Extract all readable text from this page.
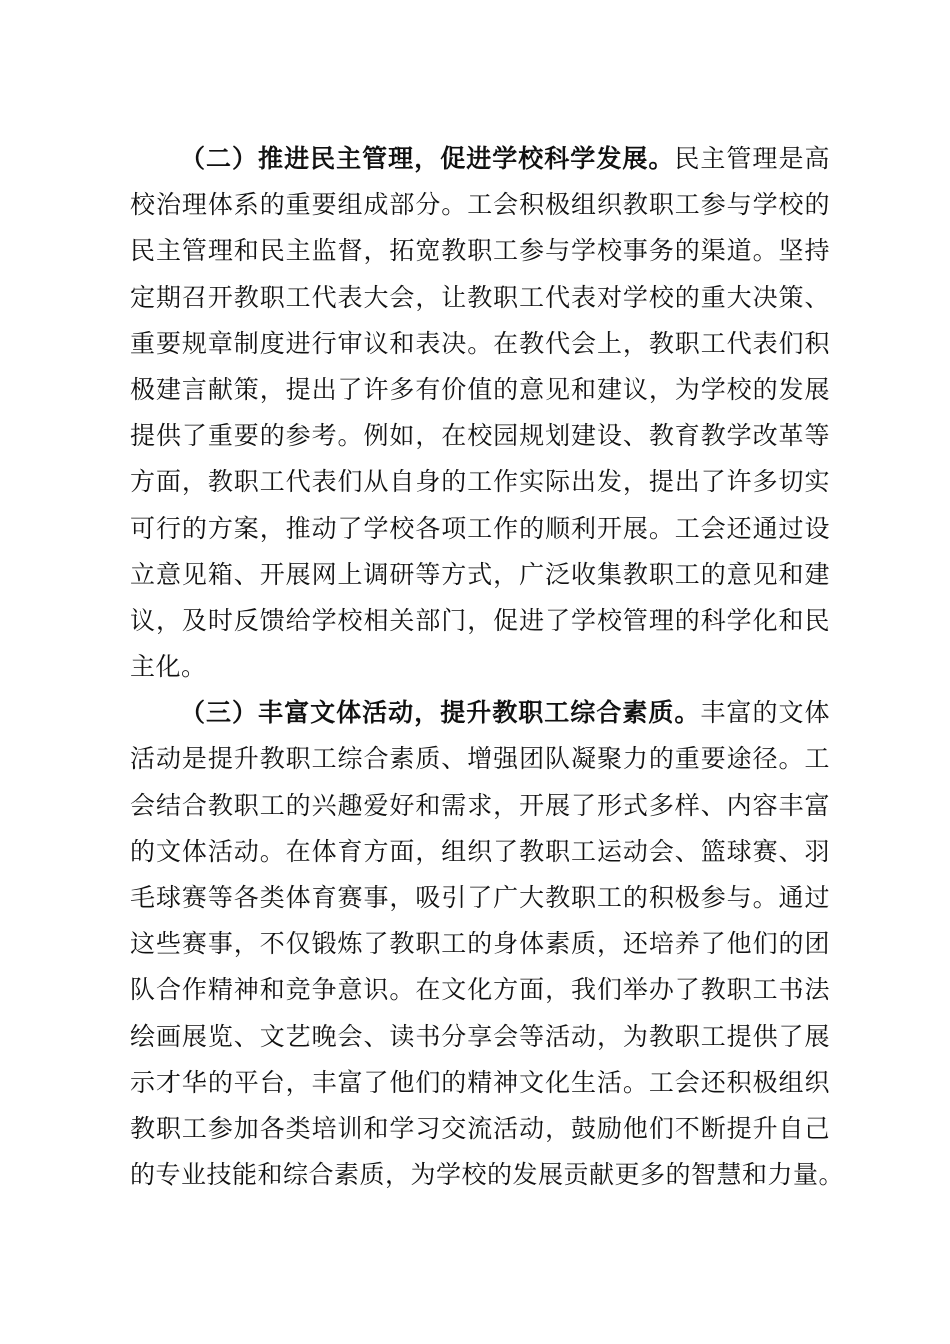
（二）推进民主管理，促进学校科学发展。民主管理是高
校治理体系的重要组成部分。工会积极组织教职工参与学校的
民主管理和民主监督，拓宽教职工参与学校事务的渠道。坚持
定期召开教职工代表大会，让教职工代表对学校的重大决策、
重要规章制度进行审议和表决。在教代会上，教职工代表们积
极建言献策，提出了许多有价值的意见和建议，为学校的发展
提供了重要的参考。例如，在校园规划建设、教育教学改革等
方面，教职工代表们从自身的工作实际出发，提出了许多切实
可行的方案，推动了学校各项工作的顺利开展。工会还通过设
立意见箱、开展网上调研等方式，广泛收集教职工的意见和建
议，及时反馈给学校相关部门，促进了学校管理的科学化和民
主化。
（三）丰富文体活动，提升教职工综合素质。丰富的文体
活动是提升教职工综合素质、增强团队凝聚力的重要途径。工
会结合教职工的兴趣爱好和需求，开展了形式多样、内容丰富
的文体活动。在体育方面，组织了教职工运动会、篮球赛、羽
毛球赛等各类体育赛事，吸引了广大教职工的积极参与。通过
这些赛事，不仅锻炼了教职工的身体素质，还培养了他们的团
队合作精神和竞争意识。在文化方面，我们举办了教职工书法
绘画展览、文艺晚会、读书分享会等活动，为教职工提供了展
示才华的平台，丰富了他们的精神文化生活。工会还积极组织
教职工参加各类培训和学习交流活动，鼓励他们不断提升自己
的专业技能和综合素质，为学校的发展贡献更多的智慧和力量。
